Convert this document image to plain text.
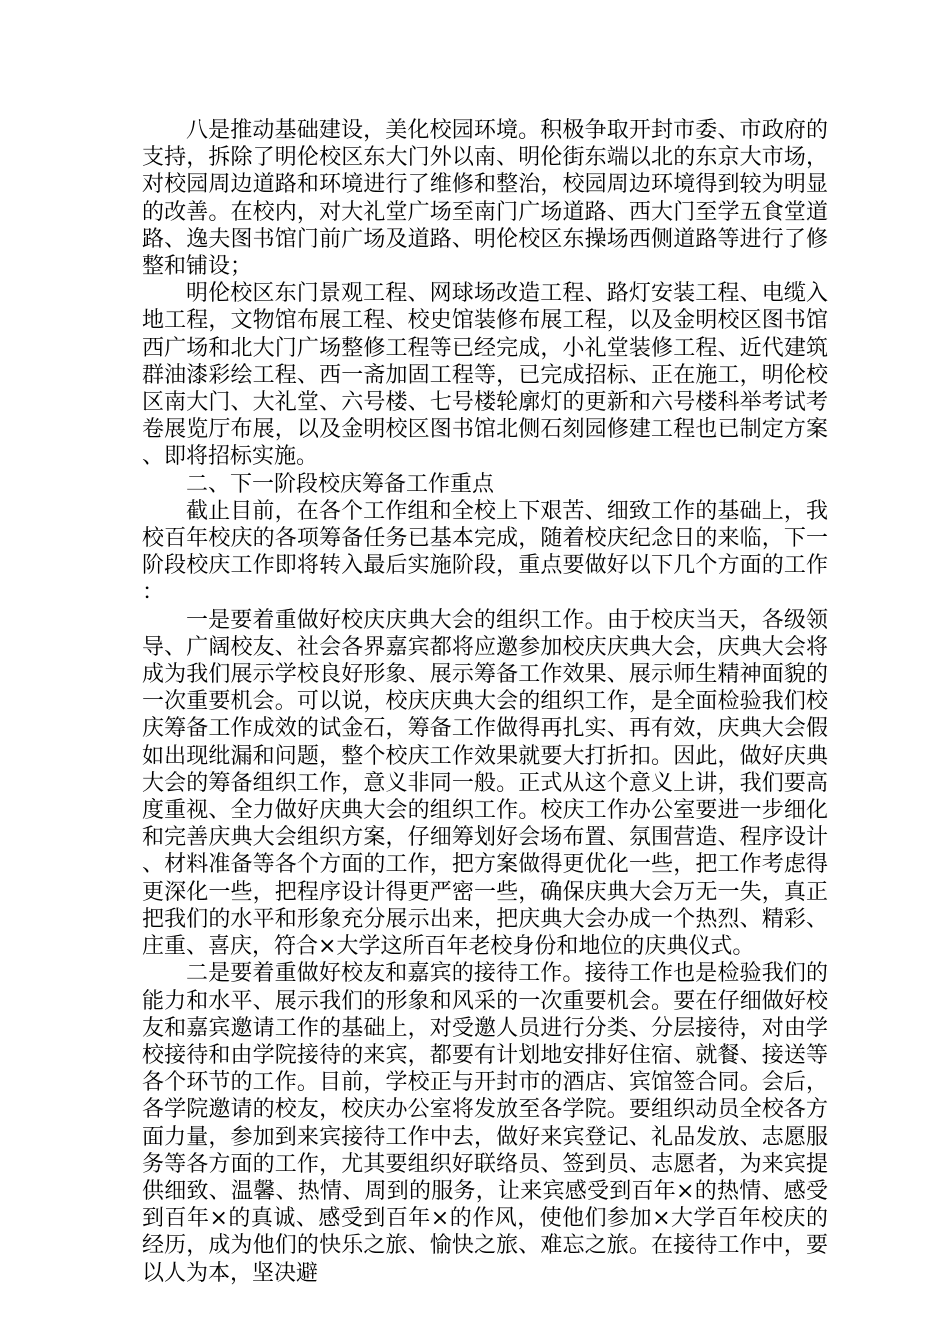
八是推动基础建设，美化校园环境。积极争取开封市委、市政府的支持，拆除了明伦校区东大门外以南、明伦街东端以北的东京大市场，对校园周边道路和环境进行了维修和整治，校园周边环境得到较为明显的改善。在校内，对大礼堂广场至南门广场道路、西大门至学五食堂道路、逸夫图书馆门前广场及道路、明伦校区东操场西侧道路等进行了修整和铺设；

明伦校区东门景观工程、网球场改造工程、路灯安装工程、电缆入地工程，文物馆布展工程、校史馆装修布展工程，以及金明校区图书馆西广场和北大门广场整修工程等已经完成，小礼堂装修工程、近代建筑群油漆彩绘工程、西一斋加固工程等，已完成招标、正在施工，明伦校区南大门、大礼堂、六号楼、七号楼轮廓灯的更新和六号楼科举考试考卷展览厅布展，以及金明校区图书馆北侧石刻园修建工程也已制定方案、即将招标实施。

二、下一阶段校庆筹备工作重点

截止目前，在各个工作组和全校上下艰苦、细致工作的基础上，我校百年校庆的各项筹备任务已基本完成，随着校庆纪念日的来临，下一阶段校庆工作即将转入最后实施阶段，重点要做好以下几个方面的工作：

一是要着重做好校庆庆典大会的组织工作。由于校庆当天，各级领导、广阔校友、社会各界嘉宾都将应邀参加校庆庆典大会，庆典大会将成为我们展示学校良好形象、展示筹备工作效果、展示师生精神面貌的一次重要机会。可以说，校庆庆典大会的组织工作，是全面检验我们校庆筹备工作成效的试金石，筹备工作做得再扎实、再有效，庆典大会假如出现纰漏和问题，整个校庆工作效果就要大打折扣。因此，做好庆典大会的筹备组织工作，意义非同一般。正式从这个意义上讲，我们要高度重视、全力做好庆典大会的组织工作。校庆工作办公室要进一步细化和完善庆典大会组织方案，仔细筹划好会场布置、氛围营造、程序设计、材料准备等各个方面的工作，把方案做得更优化一些，把工作考虑得更深化一些，把程序设计得更严密一些，确保庆典大会万无一失，真正把我们的水平和形象充分展示出来，把庆典大会办成一个热烈、精彩、庄重、喜庆，符合×大学这所百年老校身份和地位的庆典仪式。

二是要着重做好校友和嘉宾的接待工作。接待工作也是检验我们的能力和水平、展示我们的形象和风采的一次重要机会。要在仔细做好校友和嘉宾邀请工作的基础上，对受邀人员进行分类、分层接待，对由学校接待和由学院接待的来宾，都要有计划地安排好住宿、就餐、接送等各个环节的工作。目前，学校正与开封市的酒店、宾馆签合同。会后，各学院邀请的校友，校庆办公室将发放至各学院。要组织动员全校各方面力量，参加到来宾接待工作中去，做好来宾登记、礼品发放、志愿服务等各方面的工作，尤其要组织好联络员、签到员、志愿者，为来宾提供细致、温馨、热情、周到的服务，让来宾感受到百年×的热情、感受到百年×的真诚、感受到百年×的作风，使他们参加×大学百年校庆的经历，成为他们的快乐之旅、愉快之旅、难忘之旅。在接待工作中，要以人为本，坚决避
